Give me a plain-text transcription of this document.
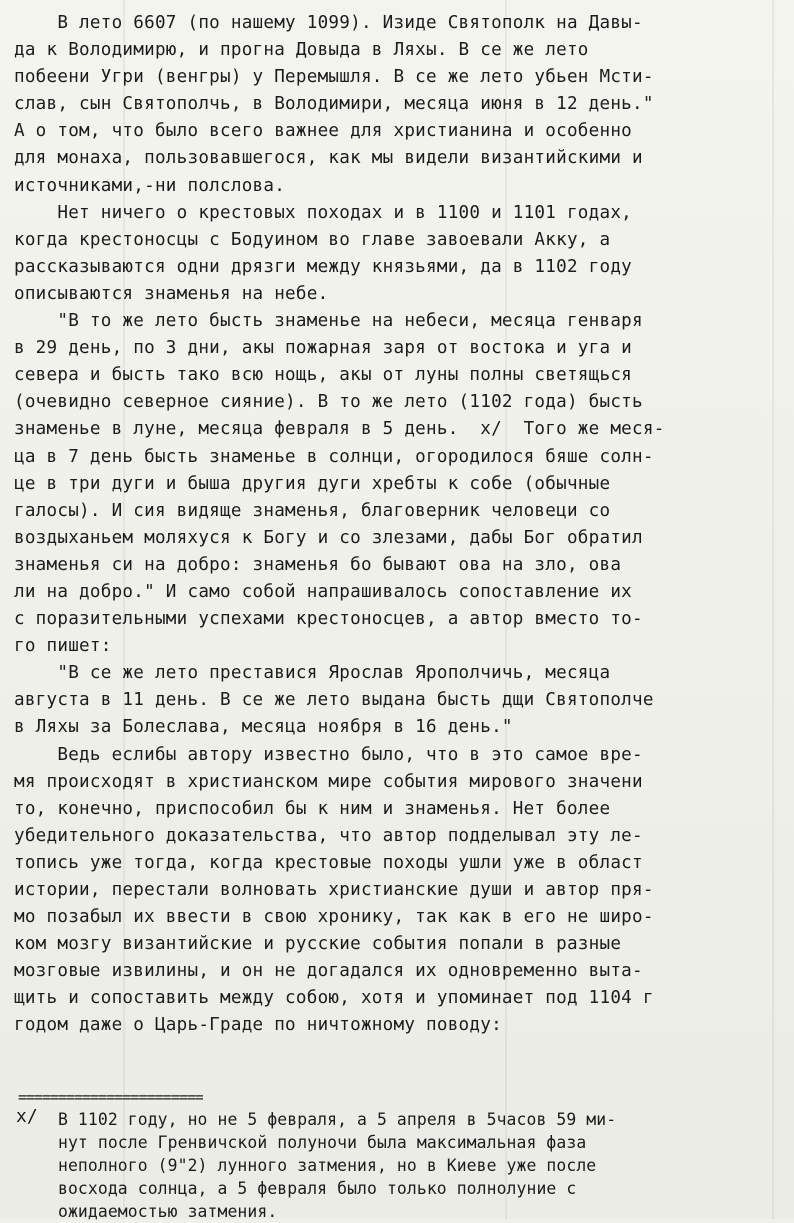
В лето 6607 (по нашему 1099). Изиде Святополк на Давы-
да к Володимирю, и прогна Довыда в Ляхы. В се же лето
побеени Угри (венгры) у Перемышля. В се же лето убьен Мсти-
слав, сын Святополчь, в Володимири, месяца июня в 12 день."
А о том, что было всего важнее для христианина и особенно
для монаха, пользовавшегося, как мы видели византийскими и
источниками,-ни полслова.
Нет ничего о крестовых походах и в 1100 и 1101 годах,
когда крестоносцы с Бодуином во главе завоевали Акку, а
рассказываются одни дрязги между князьями, да в 1102 году
описываются знаменья на небе.
"В то же лето бысть знаменье на небеси, месяца генваря
в 29 день, по 3 дни, акы пожарная заря от востока и уга и
севера и бысть тако всю нощь, акы от луны полны светящься
(очевидно северное сияние). В то же лето (1102 года) бысть
знаменье в луне, месяца февраля в 5 день.  x/  Того же меся-
ца в 7 день бысть знаменье в солнци, огородилося бяше солн-
це в три дуги и быша другия дуги хребты к собе (обычные
галосы). И сия видяще знаменья, благоверник человеци со
воздыханьем моляхуся к Богу и со злезами, дабы Бог обратил
знаменья си на добро: знаменья бо бывают ова на зло, ова
ли на добро." И само собой напрашивалось сопоставление их
с поразительными успехами крестоносцев, а автор вместо то-
го пишет:
"В се же лето преставися Ярослав Ярополчичь, месяца
августа в 11 день. В се же лето выдана бысть дщи Святополче
в Ляхы за Болеслава, месяца ноября в 16 день."
Ведь еслибы автору известно было, что в это самое вре-
мя происходят в христианском мире события мирового значени
то, конечно, приспособил бы к ним и знаменья. Нет более
убедительного доказательства, что автор подделывал эту ле-
топись уже тогда, когда крестовые походы ушли уже в област
истории, перестали волновать христианские души и автор пря-
мо позабыл их ввести в свою хронику, так как в его не широ-
ком мозгу византийские и русские события попали в разные
мозговые извилины, и он не догадался их одновременно выта-
щить и сопоставить между собою, хотя и упоминает под 1104 г
годом даже о Царь-Граде по ничтожному поводу:
=======================
x/ В 1102 году, но не 5 февраля, а 5 апреля в 5часов 59 ми-
нут после Гренвичской полуночи была максимальная фаза
неполного (9"2) лунного затмения, но в Киеве уже после
восхода солнца, а 5 февраля было только полнолуние с
ожидаемостью затмения.
